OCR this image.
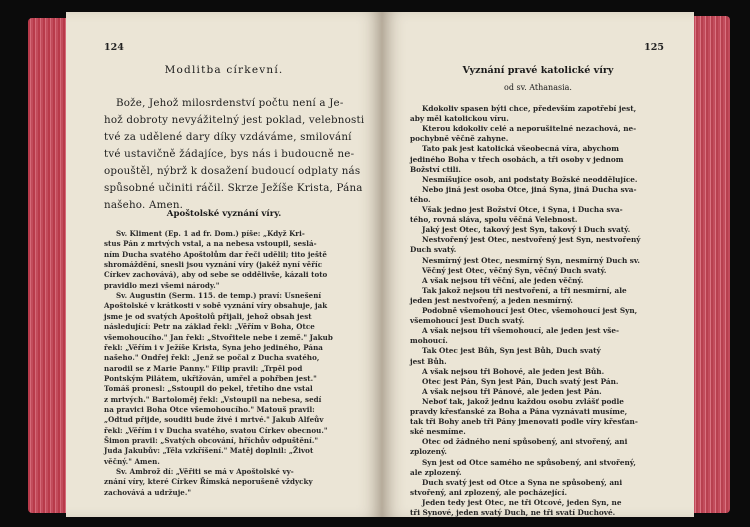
124
Modlitba církevní.
Bože, Jehož milosrdenství počtu není a Je-
hož dobroty nevyážitelný jest poklad, velebnosti
tvé za udělené dary díky vzdáváme, smilování
tvé ustavičně žádajíce, bys nás i budoucně ne-
opouštěl, nýbrž k dosažení budoucí odplaty nás
spůsobné učiniti ráčil. Skrze Ježíše Krista, Pána
našeho. Amen.
Apoštolské vyznání víry.
Sv. Kliment (Ep. 1 ad fr. Dom.) píše: „Když Kri-
stus Pán z mrtvých vstal, a na nebesa vstoupil, seslá-
ním Ducha svatého Apoštolům dar řeči udělil; tito ještě
shromáždění, snesli jsou vyznání víry (jakéž nyní věříc
Církev zachovává), aby od sebe se oddělivše, kázali toto
pravidlo mezi všemi národy."
Sv. Augustin (Serm. 115. de temp.) praví: Usnešení
Apoštolské v krátkosti v sobě vyznání víry obsahuje, jak
jsme je od svatých Apoštolů přijali, jehož obsah jest
následující: Petr na základ řekl: „Věřím v Boha, Otce
všemohoucího." Jan řekl: „Stvořitele nebe i země." Jakub
řekl: „Věřím i v Ježíše Krista, Syna jeho jediného, Pána
našeho." Ondřej řekl: „Jenž se počal z Ducha svatého,
narodil se z Marie Panny." Filip pravil: „Trpěl pod
Pontským Pilátem, ukřižován, umřel a pohřben jest."
Tomáš pronesl: „Sstoupil do pekel, třetího dne vstal
z mrtvých." Bartoloměj řekl: „Vstoupil na nebesa, sedí
na pravici Boha Otce všemohoucího." Matouš pravil:
„Odtud přijde, souditi bude živé i mrtvé." Jakub Alfeův
řekl: „Věřím i v Ducha svatého, svatou Církev obecnou."
Šimon pravil: „Svatých obcování, hříchův odpuštění."
Juda Jakubův: „Těla vzkříšení." Matěj doplnil: „Život
věčný." Amen.
Sv. Ambrož dí: „Věřiti se má v Apoštolské vy-
znání víry, které Církev Římská neporušeně vždycky
zachovává a udržuje."
125
Vyznání pravé katolické víry
od sv. Athanasia.
Kdokoliv spasen býti chce, především zapotřebí jest,
aby měl katolickou víru.
Kterou kdokoliv celé a neporušitelné nezachová, ne-
pochybně věčně zahyne.
Tato pak jest katolická všeobecná víra, abychom
jediného Boha v třech osobách, a tři osoby v jednom
Božství ctili.
Nesmíšujíce osob, ani podstaty Božské neoddělujíce.
Nebo jiná jest osoba Otce, jiná Syna, jiná Ducha sva-
tého.
Však jedno jest Božství Otce, i Syna, i Ducha sva-
tého, rovná sláva, spolu věčná Velebnost.
Jaký jest Otec, takový jest Syn, takový i Duch svatý.
Nestvořený jest Otec, nestvořený jest Syn, nestvořený
Duch svatý.
Nesmírný jest Otec, nesmírný Syn, nesmírný Duch sv.
Věčný jest Otec, věčný Syn, věčný Duch svatý.
A však nejsou tři věční, ale jeden věčný.
Tak jakož nejsou tři nestvoření, a tři nesmírní, ale
jeden jest nestvořený, a jeden nesmírný.
Podobně všemohoucí jest Otec, všemohoucí jest Syn,
všemohoucí jest Duch svatý.
A však nejsou tři všemohoucí, ale jeden jest vše-
mohoucí.
Tak Otec jest Bůh, Syn jest Bůh, Duch svatý
jest Bůh.
A však nejsou tři Bohové, ale jeden jest Bůh.
Otec jest Pán, Syn jest Pán, Duch svatý jest Pán.
A však nejsou tři Pánové, ale jeden jest Pán.
Neboť tak, jakož jednu každou osobu zvlášť podle
pravdy křesťanské za Boha a Pána vyznávati musíme,
tak tři Bohy aneb tři Pány jmenovati podle víry křesťan-
ské nesmíme.
Otec od žádného není spůsobený, ani stvořený, ani
zplozený.
Syn jest od Otce samého ne spůsobený, ani stvořený,
ale zplozený.
Duch svatý jest od Otce a Syna ne spůsobený, ani
stvořený, ani zplozený, ale pocházející.
Jeden tedy jest Otec, ne tři Otcové, jeden Syn, ne
tři Synové, jeden svatý Duch, ne tři svatí Duchové.
